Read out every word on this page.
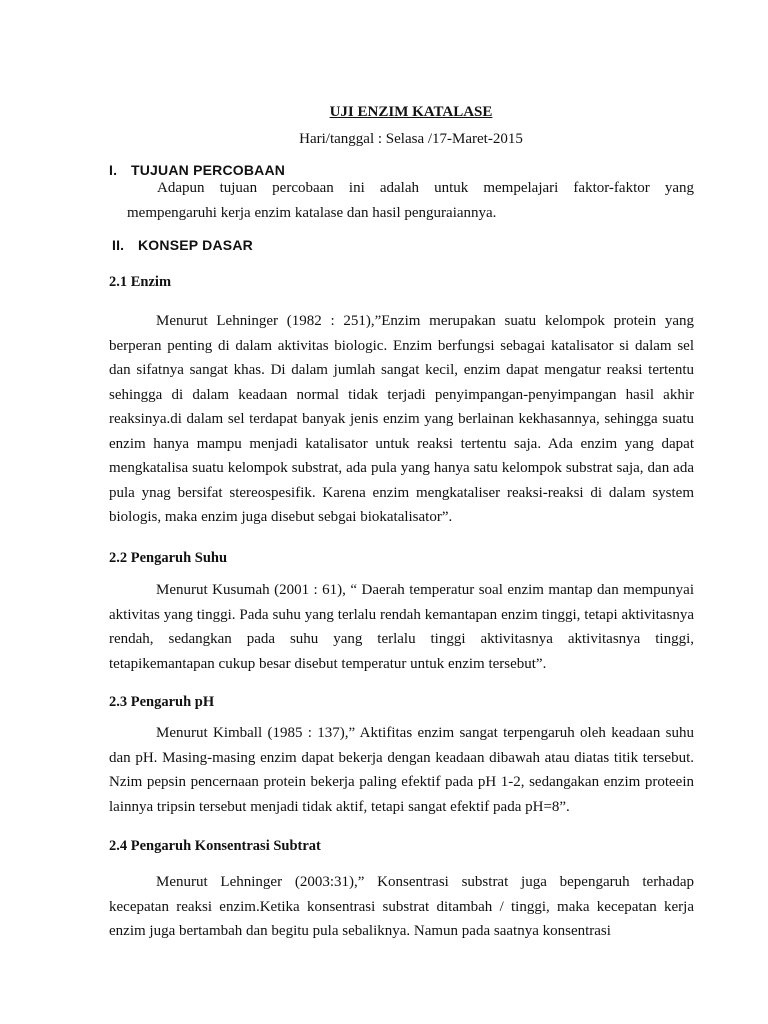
UJI ENZIM KATALASE

Hari/tanggal : Selasa /17-Maret-2015

I. TUJUAN PERCOBAAN

Adapun tujuan percobaan ini adalah untuk mempelajari faktor-faktor yang mempengaruhi kerja enzim katalase dan hasil penguraiannya.

II. KONSEP DASAR
2.1 Enzim

Menurut Lehninger (1982 : 251),”Enzim merupakan suatu kelompok protein yang berperan penting di dalam aktivitas biologic. Enzim berfungsi sebagai katalisator si dalam sel dan sifatnya sangat khas. Di dalam jumlah sangat kecil, enzim dapat mengatur reaksi tertentu sehingga di dalam keadaan normal tidak terjadi penyimpangan-penyimpangan hasil akhir reaksinya.di dalam sel terdapat banyak jenis enzim yang berlainan kekhasannya, sehingga suatu enzim hanya mampu menjadi katalisator untuk reaksi tertentu saja. Ada enzim yang dapat mengkatalisa suatu kelompok substrat, ada pula yang hanya satu kelompok substrat saja, dan ada pula ynag bersifat stereospesifik. Karena enzim mengkataliser reaksi-reaksi di dalam system biologis, maka enzim juga disebut sebgai biokatalisator”.

2.2 Pengaruh Suhu

Menurut Kusumah (2001 : 61), “ Daerah temperatur soal enzim mantap dan mempunyai aktivitas yang tinggi. Pada suhu yang terlalu rendah kemantapan enzim tinggi, tetapi aktivitasnya rendah, sedangkan pada suhu yang terlalu tinggi aktivitasnya aktivitasnya tinggi, tetapikemantapan cukup besar disebut temperatur untuk enzim tersebut”.

2.3 Pengaruh pH

Menurut Kimball (1985 : 137),” Aktifitas enzim sangat terpengaruh oleh keadaan suhu dan pH. Masing-masing enzim dapat bekerja dengan keadaan dibawah atau diatas titik tersebut. Nzim pepsin pencernaan protein bekerja paling efektif pada pH 1-2, sedangakan enzim proteein lainnya tripsin tersebut menjadi tidak aktif, tetapi sangat efektif pada pH=8”.

2.4 Pengaruh Konsentrasi Subtrat

Menurut Lehninger (2003:31),” Konsentrasi substrat juga bepengaruh terhadap kecepatan reaksi enzim.Ketika konsentrasi substrat ditambah / tinggi, maka kecepatan kerja enzim juga bertambah dan begitu pula sebaliknya. Namun pada saatnya konsentrasi
